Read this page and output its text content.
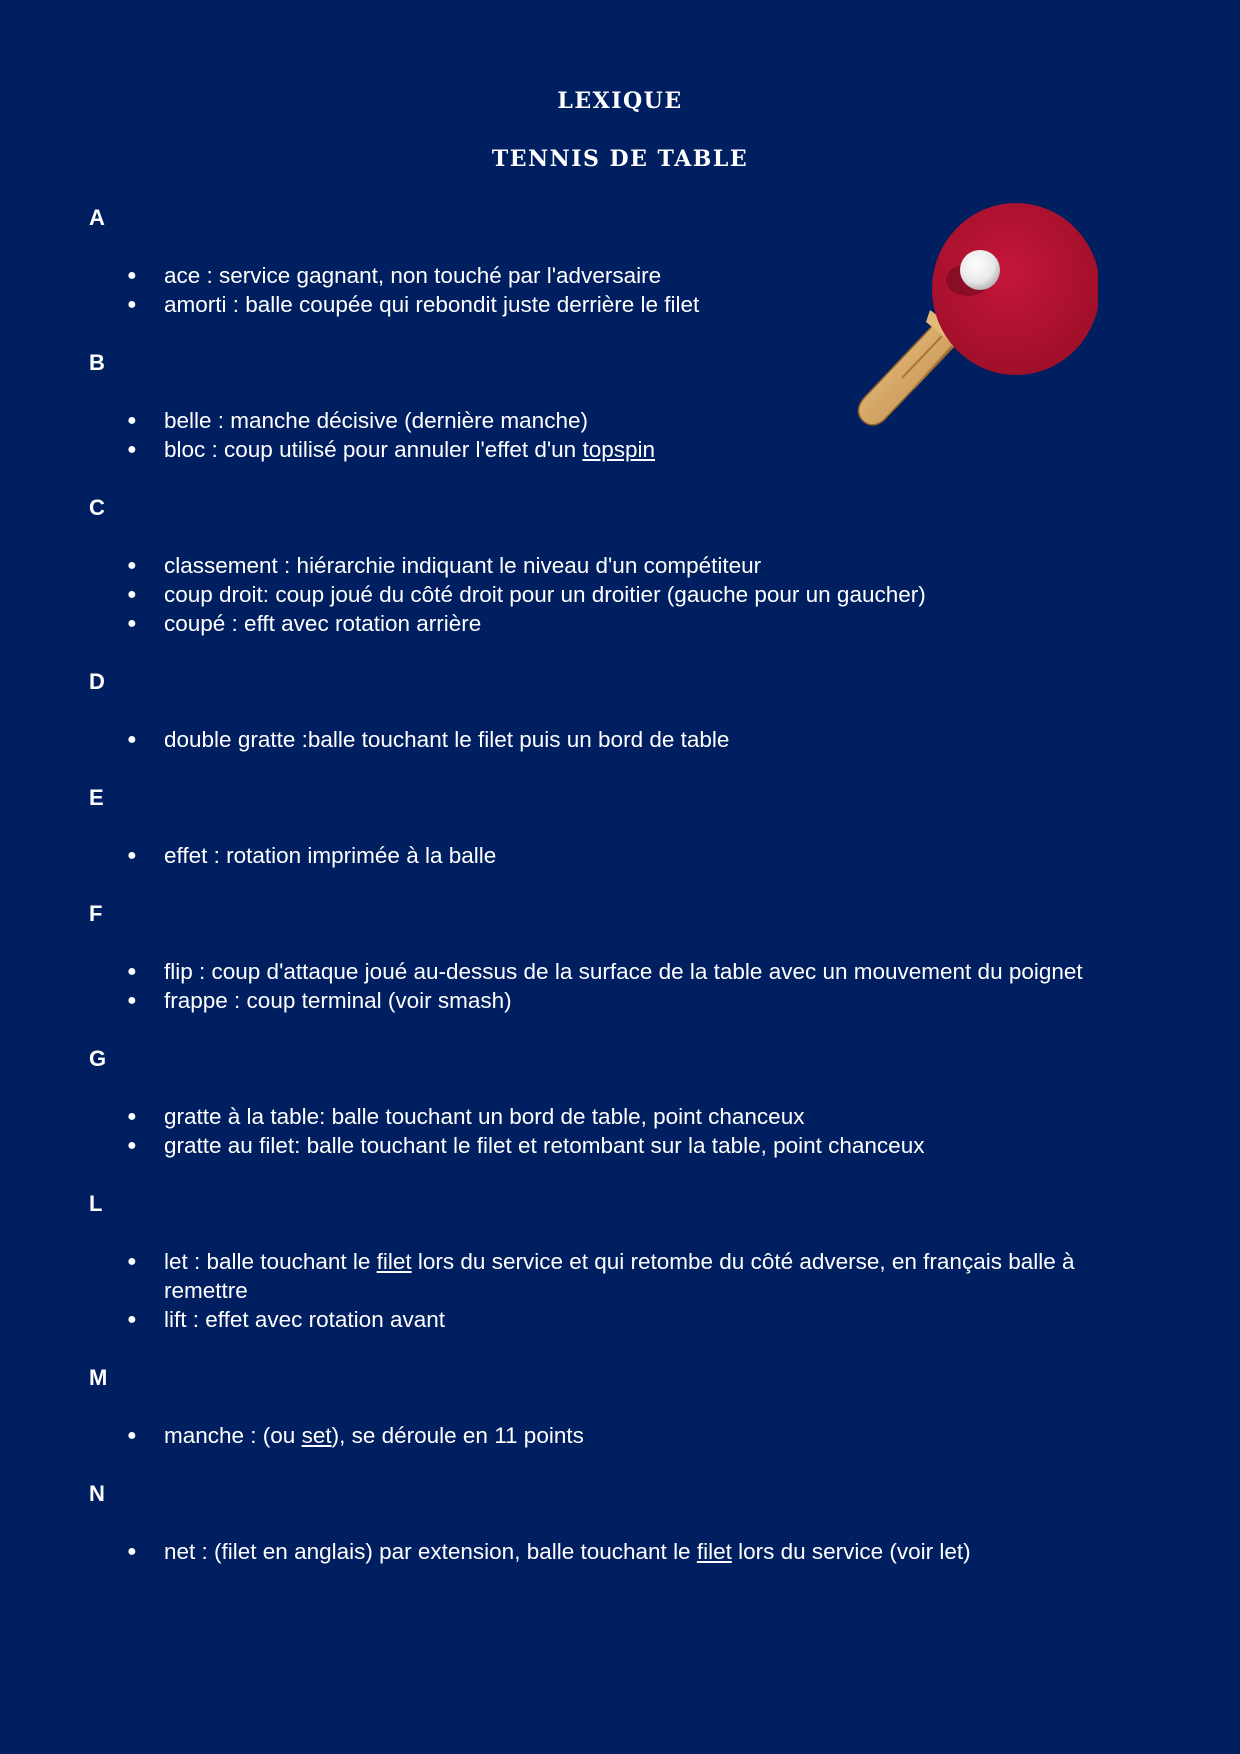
LEXIQUE
TENNIS DE TABLE
A
● ace : service gagnant, non touché par l'adversaire
● amorti : balle coupée qui rebondit juste derrière le filet
B
● belle : manche décisive (dernière manche)
● bloc : coup utilisé pour annuler l'effet d'un topspin
C
● classement : hiérarchie indiquant le niveau d'un compétiteur
● coup droit: coup joué du côté droit pour un droitier (gauche pour un gaucher)
● coupé : efft avec rotation arrière
D
● double gratte :balle touchant le filet puis un bord de table
E
● effet : rotation imprimée à la balle
F
● flip : coup d'attaque joué au-dessus de la surface de la table avec un mouvement du poignet
● frappe : coup terminal (voir smash)
G
● gratte à la table: balle touchant un bord de table, point chanceux
● gratte au filet: balle touchant le filet et retombant sur la table, point chanceux
L
● let : balle touchant le filet lors du service et qui retombe du côté adverse, en français balle à remettre
● lift : effet avec rotation avant
M
● manche : (ou set), se déroule en 11 points
N
● net : (filet en anglais) par extension, balle touchant le filet lors du service (voir let)
